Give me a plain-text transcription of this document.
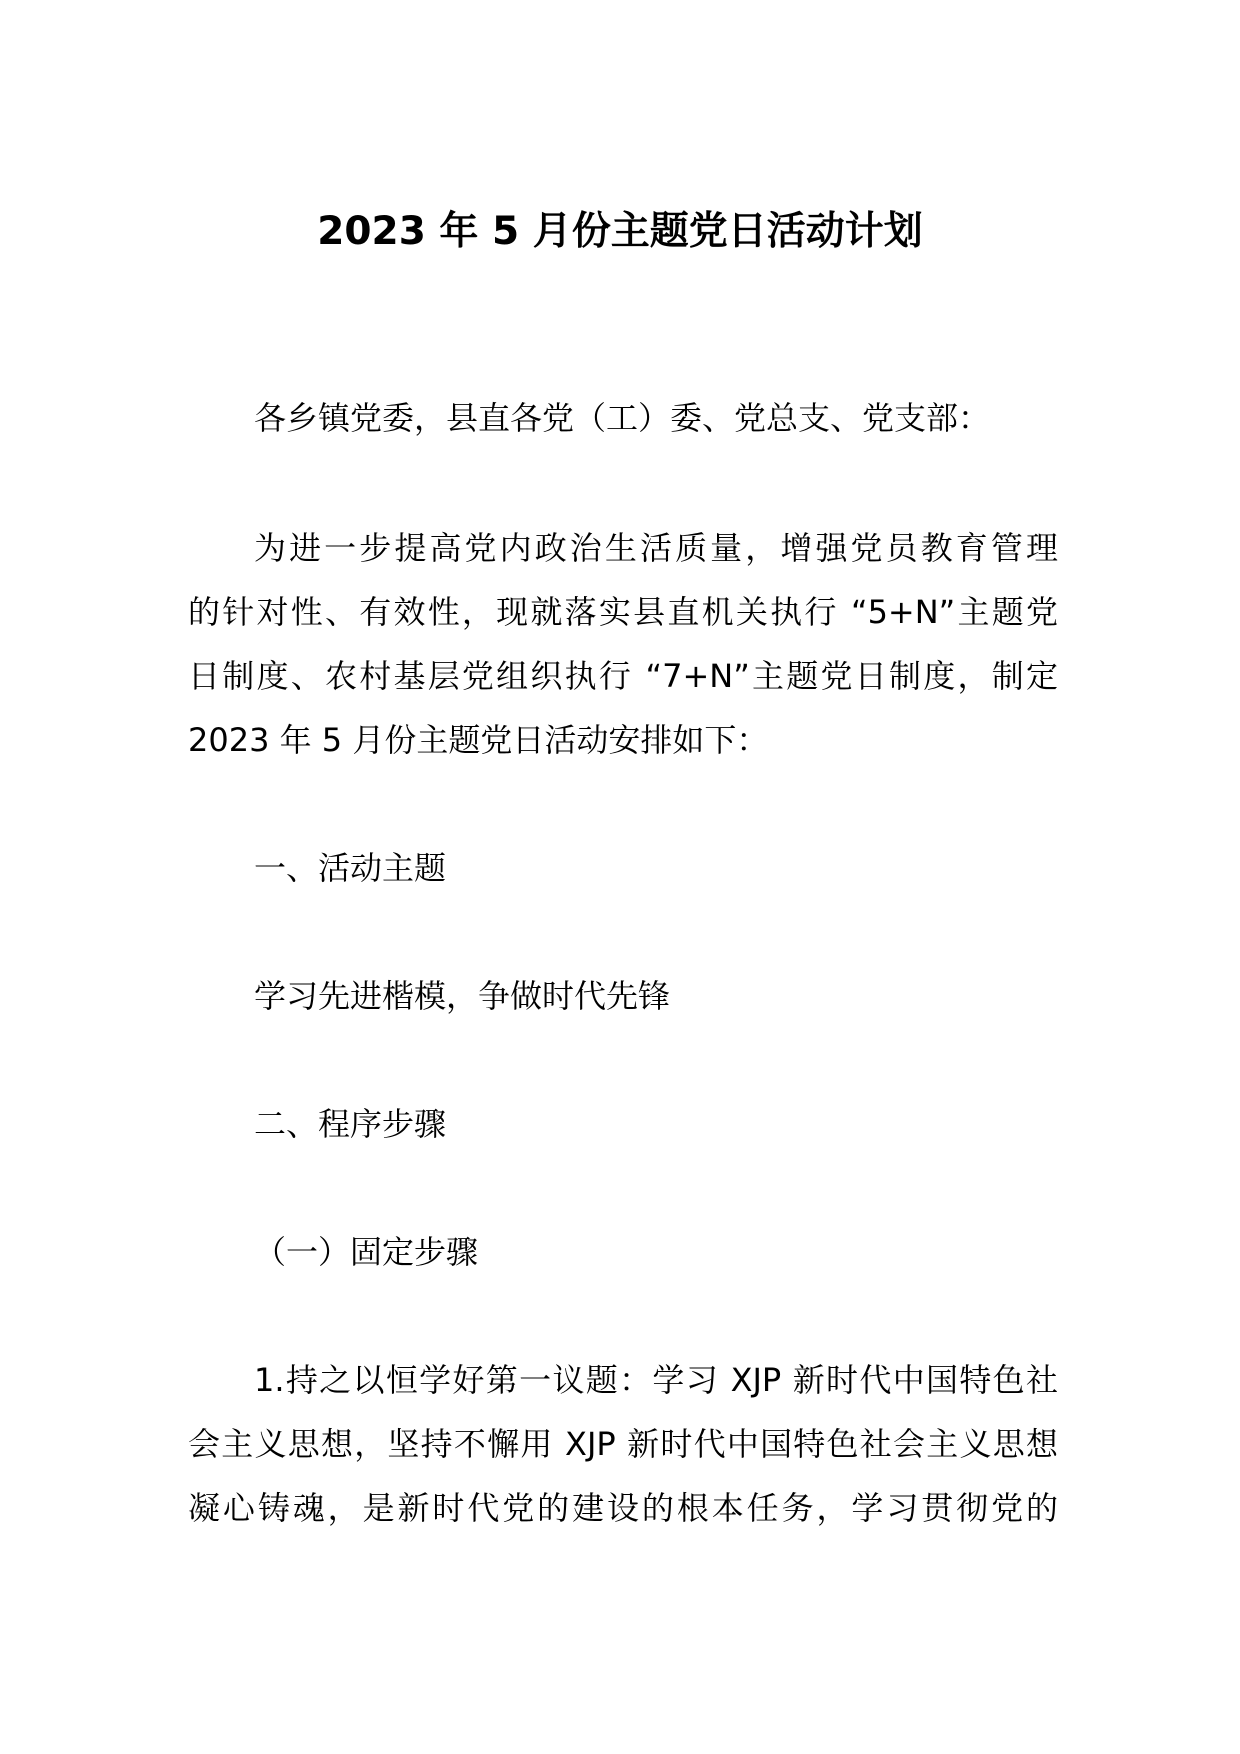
2023 年 5 月份主题党日活动计划
各乡镇党委，县直各党（工）委、党总支、党支部：
为进一步提高党内政治生活质量，增强党员教育管理
的针对性、有效性，现就落实县直机关执行 “5+N”主题党
日制度、农村基层党组织执行 “7+N”主题党日制度，制定
2023 年 5 月份主题党日活动安排如下：
一、活动主题
学习先进楷模，争做时代先锋
二、程序步骤
（一）固定步骤
1.持之以恒学好第一议题：学习 XJP 新时代中国特色社
会主义思想，坚持不懈用 XJP 新时代中国特色社会主义思想
凝心铸魂，是新时代党的建设的根本任务，学习贯彻党的
